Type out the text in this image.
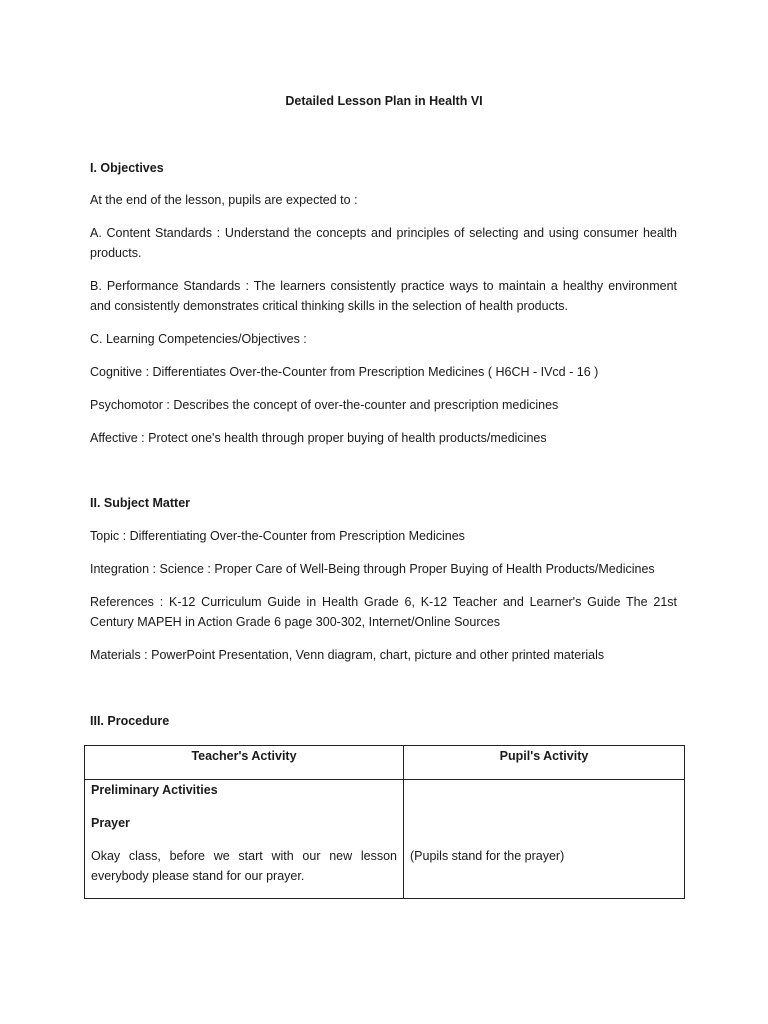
Detailed Lesson Plan in Health VI
I. Objectives
At the end of the lesson, pupils are expected to :
A. Content Standards : Understand the concepts and principles of selecting and using consumer health products.
B. Performance Standards : The learners consistently practice ways to maintain a healthy environment and consistently demonstrates critical thinking skills in the selection of health products.
C. Learning Competencies/Objectives :
Cognitive : Differentiates Over-the-Counter from Prescription Medicines ( H6CH - IVcd - 16 )
Psychomotor : Describes the concept of over-the-counter and prescription medicines
Affective : Protect one's health through proper buying of health products/medicines
II. Subject Matter
Topic : Differentiating Over-the-Counter from Prescription Medicines
Integration : Science : Proper Care of Well-Being through Proper Buying of Health Products/Medicines
References : K-12 Curriculum Guide in Health Grade 6, K-12 Teacher and Learner's Guide The 21st Century MAPEH in Action Grade 6 page 300-302, Internet/Online Sources
Materials : PowerPoint Presentation, Venn diagram, chart, picture and other printed materials
III. Procedure
Teacher's Activity	Pupil's Activity

Preliminary Activities
Prayer
Okay class, before we start with our new lesson everybody please stand for our prayer.	(Pupils stand for the prayer)
